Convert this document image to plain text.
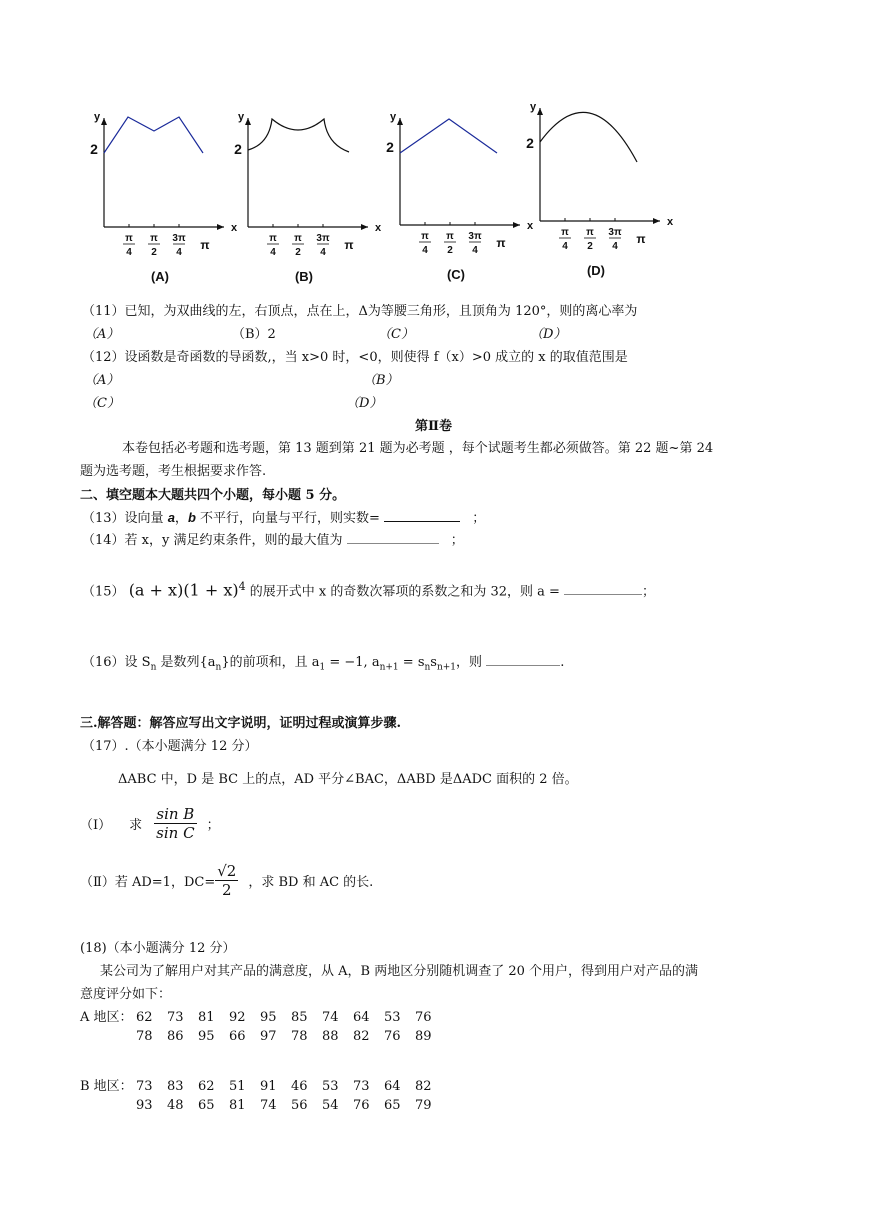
y
x
2
π
4
π
2
3π
4
π
(A)
y
x
2
π
4
π
2
3π
4
π
(B)
y
x
2
π
4
π
2
3π
4
π
(C)
y
x
2
π
4
π
2
3π
4
π
(D)
（11）已知，为双曲线的左，右顶点，点在上，Δ为等腰三角形，且顶角为 120°，则的离心率为
（A）	（B）2	（C）	（D）
（12）设函数是奇函数的导函数,，当 x>0 时，<0，则使得 f（x）>0 成立的 x 的取值范围是
（A）	（B）
（C）	（D）
第Ⅱ卷
本卷包括必考题和选考题，第 13 题到第 21 题为必考题 ，每个试题考生都必须做答。第 22 题~第 24
题为选考题，考生根据要求作答.
二、填空题本大题共四个小题，每小题 5 分。
（13）设向量 a，b 不平行，向量与平行，则实数=	；
（14）若 x，y 满足约束条件，则的最大值为	；
（15） $(a + x)(1 + x)^4$ 的展开式中 x 的奇数次幂项的系数之和为 32，则 a =	；
（16）设 $S_n$ 是数列$\{a_n\}$的前项和，且 $a_1 = -1$, $a_{n+1} = s_ns_{n+1}$，则	.
三.解答题：解答应写出文字说明，证明过程或演算步骤.
（17）.（本小题满分 12 分）
ΔABC 中，D 是 BC 上的点，AD 平分∠BAC，ΔABD 是ΔADC 面积的 2 倍。
（Ⅰ） 求 $\frac{\text{sin B}}{\text{sin C}}$ ；
（Ⅱ）若 AD=1，$DC= \frac{√2}{2}$ ，求 BD 和 AC 的长.
(18)（本小题满分 12 分）
某公司为了解用户对其产品的满意度，从 A，B 两地区分别随机调查了 20 个用户，得到用户对产品的满
意度评分如下：
A 地区： 62 73 81 92 95 85 74 64 53 76
78 86 95 66 97 78 88 82 76 89
B 地区： 73 83 62 51 91 46 53 73 64 82
93 48 65 81 74 56 54 76 65 79
